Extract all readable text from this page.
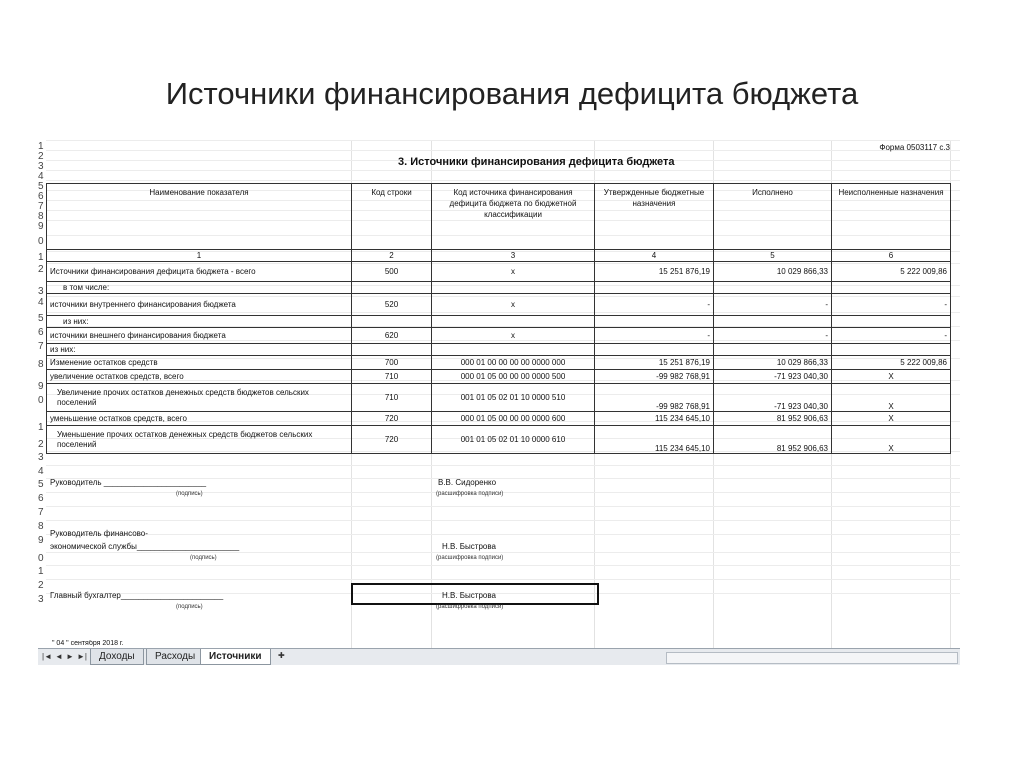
Источники финансирования дефицита бюджета
1
2
3
4
5
6
7
8
9
0
1
2
3
4
5
6
7
8
9
0
1
2
3
4
5
6
7
8
9
0
1
2
3
Форма 0503117 с.3
3. Источники финансирования дефицита бюджета
Наименование показателя	Код строки	Код источника финансирования дефицита бюджета по бюджетной классификации	Утвержденные бюджетные назначения	Исполнено	Неисполненные назначения
1	2	3	4	5	6
Источники финансирования дефицита бюджета - всего	500	x	15 251 876,19	10 029 866,33	5 222 009,86
в том числе:					
источники внутреннего финансирования бюджета	520	x	-	-	-
из них:					
источники внешнего финансирования бюджета	620	x	-	-	-
из них:					
Изменение остатков средств	700	000 01 00 00 00 00 0000 000	15 251 876,19	10 029 866,33	5 222 009,86
увеличение остатков средств, всего	710	000 01 05 00 00 00 0000 500	-99 982 768,91	-71 923 040,30	X
Увеличение прочих остатков денежных средств бюджетов сельских поселений	710	001 01 05 02 01 10 0000 510	-99 982 768,91	-71 923 040,30	X
уменьшение остатков средств, всего	720	000 01 05 00 00 00 0000 600	115 234 645,10	81 952 906,63	X
Уменьшение прочих остатков денежных средств бюджетов сельских поселений	720	001 01 05 02 01 10 0000 610	115 234 645,10	81 952 906,63	X
Руководитель _______________________
(подпись)
В.В. Сидоренко
(расшифровка подписи)
Руководитель финансово-
экономической службы_______________________
(подпись)
Н.В. Быстрова
(расшифровка подписи)
Главный бухгалтер_______________________
(подпись)
Н.В. Быстрова
(расшифровка подписи)
" 04 " сентября 2018 г.
|◄ ◄ ► ►|	Доходы	Расходы	Источники	✚
